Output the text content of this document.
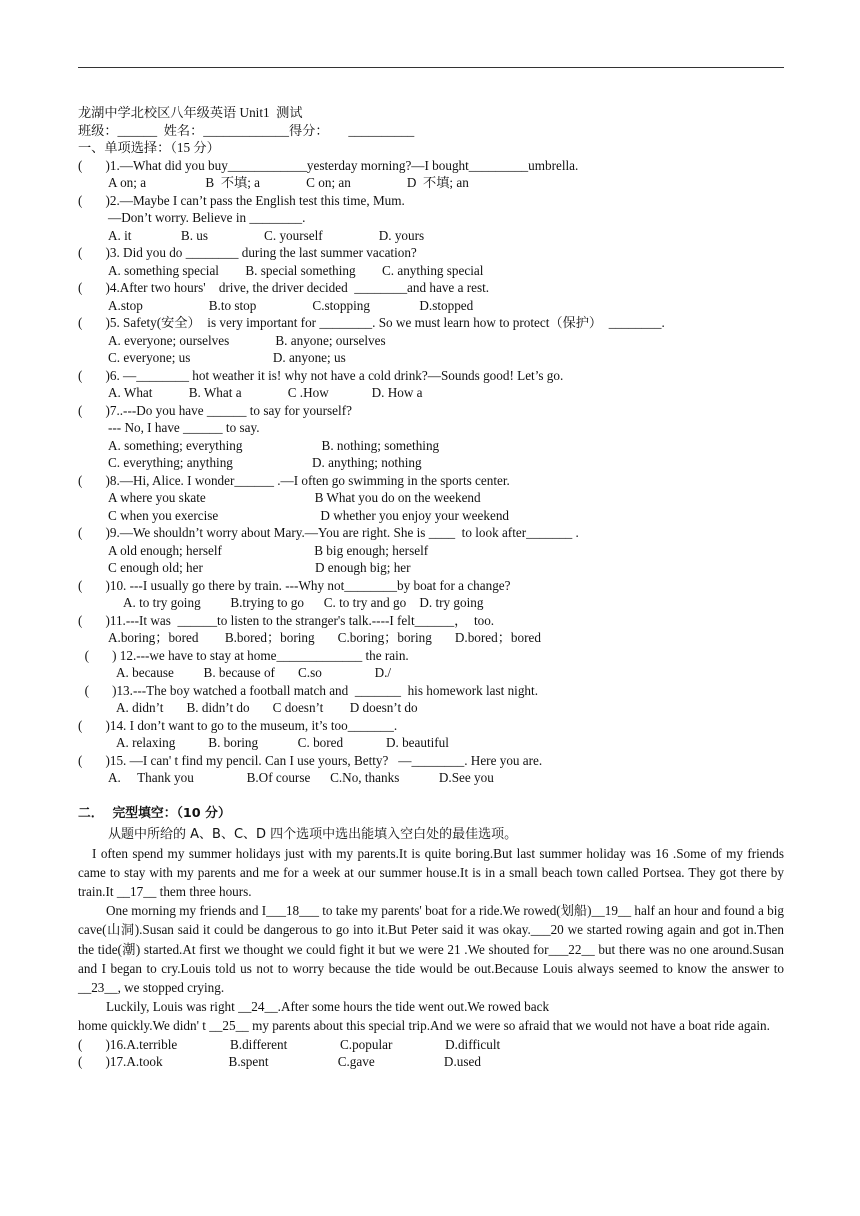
龙湖中学北校区八年级英语 Unit1  测试
班级：______  姓名：_____________得分：      __________
一、单项选择：（15 分）
(       )1.—What did you buy____________yesterday morning?—I bought_________umbrella.
A on; a                  B  不填; a              C on; an                 D  不填; an
(       )2.—Maybe I can’t pass the English test this time, Mum.
—Don’t worry. Believe in ________.
A. it               B. us                 C. yourself                 D. yours
(       )3. Did you do ________ during the last summer vacation?
A. something special        B. special something        C. anything special
(       )4.After two hours'    drive, the driver decided  ________and have a rest.
A.stop                    B.to stop                 C.stopping               D.stopped
(       )5. Safety(安全）  is very important for ________. So we must learn how to protect（保护）  ________.
A. everyone; ourselves              B. anyone; ourselves
C. everyone; us                         D. anyone; us
(       )6. —________ hot weather it is! why not have a cold drink?—Sounds good! Let’s go.
A. What           B. What a              C .How             D. How a
(       )7..---Do you have ______ to say for yourself?
--- No, I have ______ to say.
A. something; everything                        B. nothing; something
C. everything; anything                        D. anything; nothing
(       )8.—Hi, Alice. I wonder______ .—I often go swimming in the sports center.
A where you skate                                 B What you do on the weekend
C when you exercise                               D whether you enjoy your weekend
(       )9.—We shouldn’t worry about Mary.—You are right. She is ____  to look after_______ .
A old enough; herself                            B big enough; herself
C enough old; her                                  D enough big; her
(       )10. ---I usually go there by train. ---Why not________by boat for a change?
A. to try going         B.trying to go      C. to try and go    D. try going
(       )11.---It was  ______to listen to the stranger's talk.----I felt______，  too.
A.boring；bored        B.bored；boring       C.boring；boring       D.bored；bored
(       ) 12.---we have to stay at home_____________ the rain.
A. because         B. because of       C.so                D./
(       )13.---The boy watched a football match and  _______  his homework last night.
A. didn’t       B. didn’t do       C doesn’t        D doesn’t do
(       )14. I don’t want to go to the museum, it’s too_______.
A. relaxing          B. boring            C. bored             D. beautiful
(       )15. —I can' t find my pencil. Can I use yours, Betty?   —________. Here you are.
A.     Thank you                B.Of course      C.No, thanks            D.See you
二．  完型填空：（10 分）
从题中所给的 A、B、C、D 四个选项中选出能填入空白处的最佳选项。
I often spend my summer holidays just with my parents.It is quite boring.But last summer holiday was 16 .Some of my friends came to stay with my parents and me for a week at our summer house.It is in a small beach town called Portsea. They got there by train.It __17__ them three hours.
One morning my friends and I___18___ to take my parents' boat for a ride.We rowed(划船)__19__ half an hour and found a big cave(山洞).Susan said it could be dangerous to go into it.But Peter said it was okay.___20 we started rowing again and got in.Then the tide(潮) started.At first we thought we could fight it but we were 21 .We shouted for___22__ but there was no one around.Susan and I began to cry.Louis told us not to worry because the tide would be out.Because Louis always seemed to know the answer to __23__, we stopped crying.
Luckily, Louis was right __24__.After some hours the tide went out.We rowed back
home quickly.We didn' t __25__ my parents about this special trip.And we were so afraid that we would not have a boat ride again.
(       )16.A.terrible                B.different                C.popular                D.difficult
(       )17.A.took                    B.spent                     C.gave                     D.used
